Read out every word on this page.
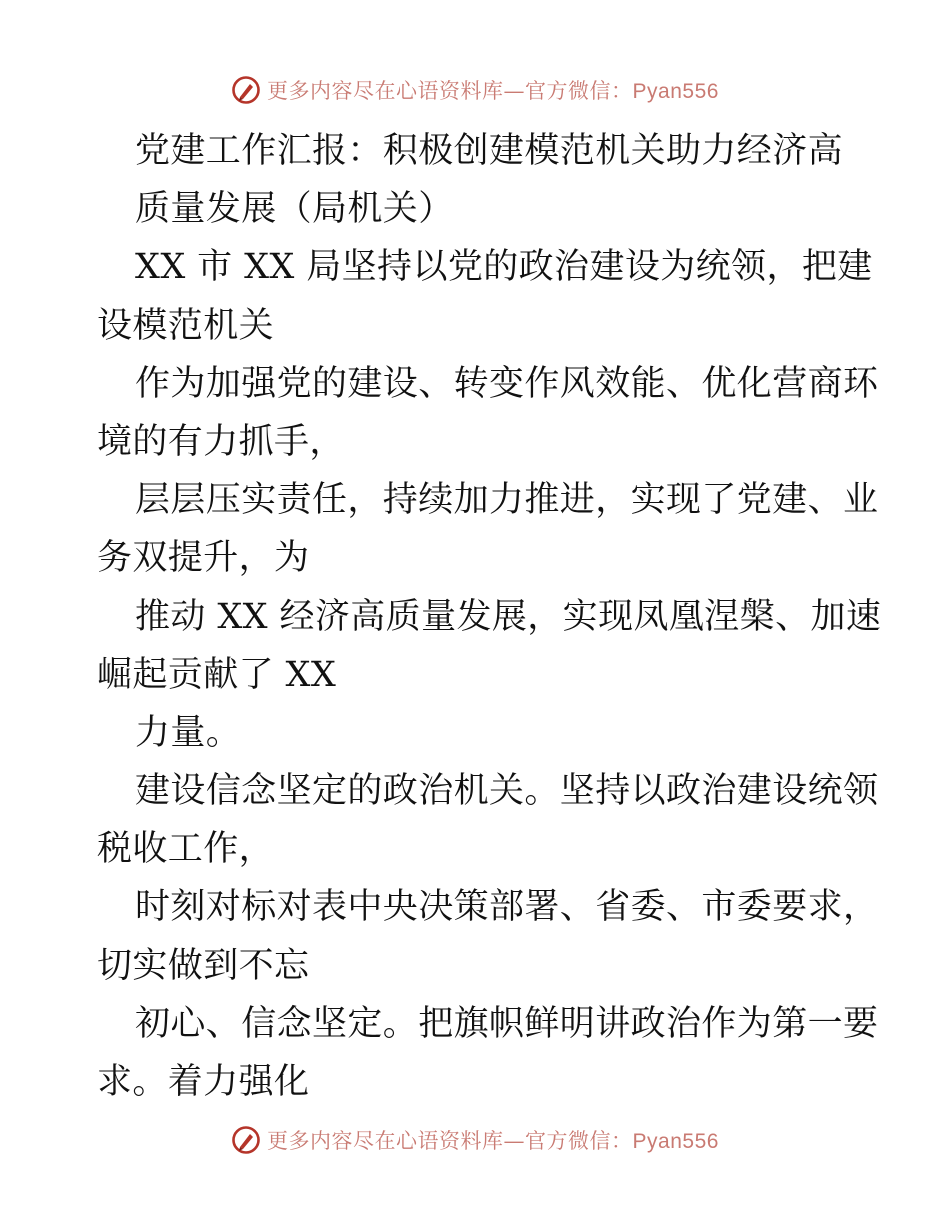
更多内容尽在心语资料库—官方微信：Pyan556
党建工作汇报：积极创建模范机关助力经济高
质量发展（局机关）
XX 市 XX 局坚持以党的政治建设为统领，把建
设模范机关
作为加强党的建设、转变作风效能、优化营商环
境的有力抓手，
层层压实责任，持续加力推进，实现了党建、业
务双提升，为
推动 XX 经济高质量发展，实现凤凰涅槃、加速
崛起贡献了 XX
力量。
建设信念坚定的政治机关。坚持以政治建设统领
税收工作，
时刻对标对表中央决策部署、省委、市委要求，
切实做到不忘
初心、信念坚定。把旗帜鲜明讲政治作为第一要
求。着力强化
更多内容尽在心语资料库—官方微信：Pyan556
